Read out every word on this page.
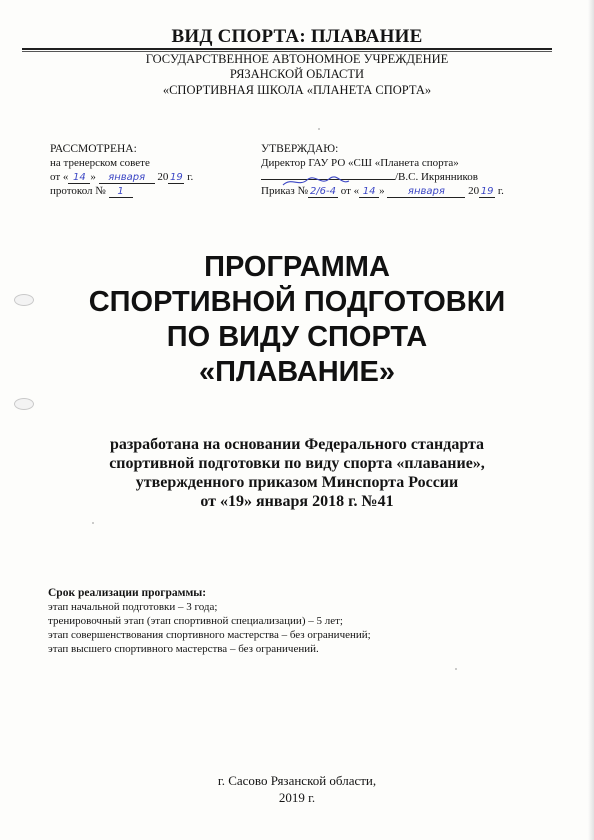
ВИД СПОРТА: ПЛАВАНИЕ
ГОСУДАРСТВЕННОЕ АВТОНОМНОЕ УЧРЕЖДЕНИЕ
РЯЗАНСКОЙ ОБЛАСТИ
«СПОРТИВНАЯ ШКОЛА «ПЛАНЕТА СПОРТА»
РАССМОТРЕНА:
на тренерском совете
от « 14 » января 20 19 г.
протокол № 1
УТВЕРЖДАЮ:
Директор ГАУ РО «СШ «Планета спорта»
/В.С. Икрянников
Приказ № 2/6-4 от « 14 » января 20 19 г.
ПРОГРАММА
СПОРТИВНОЙ ПОДГОТОВКИ
ПО ВИДУ СПОРТА
«ПЛАВАНИЕ»
разработана на основании Федерального стандарта
спортивной подготовки по виду спорта «плавание»,
утвержденного приказом Минспорта России
от «19» января 2018 г. №41
Срок реализации программы:
этап начальной подготовки – 3 года;
тренировочный этап (этап спортивной специализации) – 5 лет;
этап совершенствования спортивного мастерства – без ограничений;
этап высшего спортивного мастерства – без ограничений.
г. Сасово Рязанской области,
2019 г.
